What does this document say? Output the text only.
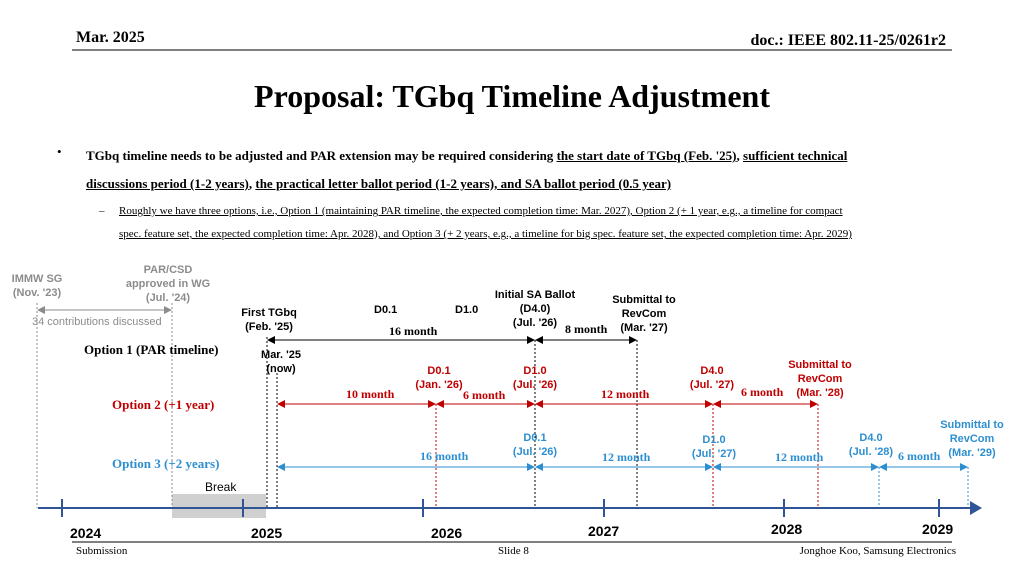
Mar. 2025	doc.: IEEE 802.11-25/0261r2
Proposal: TGbq Timeline Adjustment
• TGbq timeline needs to be adjusted and PAR extension may be required considering the start date of TGbq (Feb. '25), sufficient technical
discussions period (1-2 years), the practical letter ballot period (1-2 years), and SA ballot period (0.5 year)
– Roughly we have three options, i.e., Option 1 (maintaining PAR timeline, the expected completion time: Mar. 2027), Option 2 (+ 1 year, e.g., a timeline for compact
spec. feature set, the expected completion time: Apr. 2028), and Option 3 (+ 2 years, e.g., a timeline for big spec. feature set, the expected completion time: Apr. 2029)
IMMW SG
(Nov. '23)
PAR/CSD
approved in WG
(Jul. '24)
34 contributions discussed
First TGbq
(Feb. '25)
Mar. '25
(now)
Option 1 (PAR timeline)
D0.1	D1.0
16 month
Initial SA Ballot
(D4.0)
(Jul. '26) 8 month
Submittal to
RevCom
(Mar. '27)
Option 2 (+1 year)
D0.1
(Jan. '26)
D1.0
(Jul. '26)
D4.0
(Jul. '27)
Submittal to
RevCom
(Mar. '28)
10 month	6 month	12 month	6 month
Option 3 (+2 years)
D0.1
(Jul. '26)
D1.0
(Jul. '27)
D4.0
(Jul. '28)
Submittal to
RevCom
(Mar. '29)
16 month	12 month	12 month	6 month
Break
2024	2025	2026	2027	2028	2029
Submission	Slide 8	Jonghoe Koo, Samsung Electronics
